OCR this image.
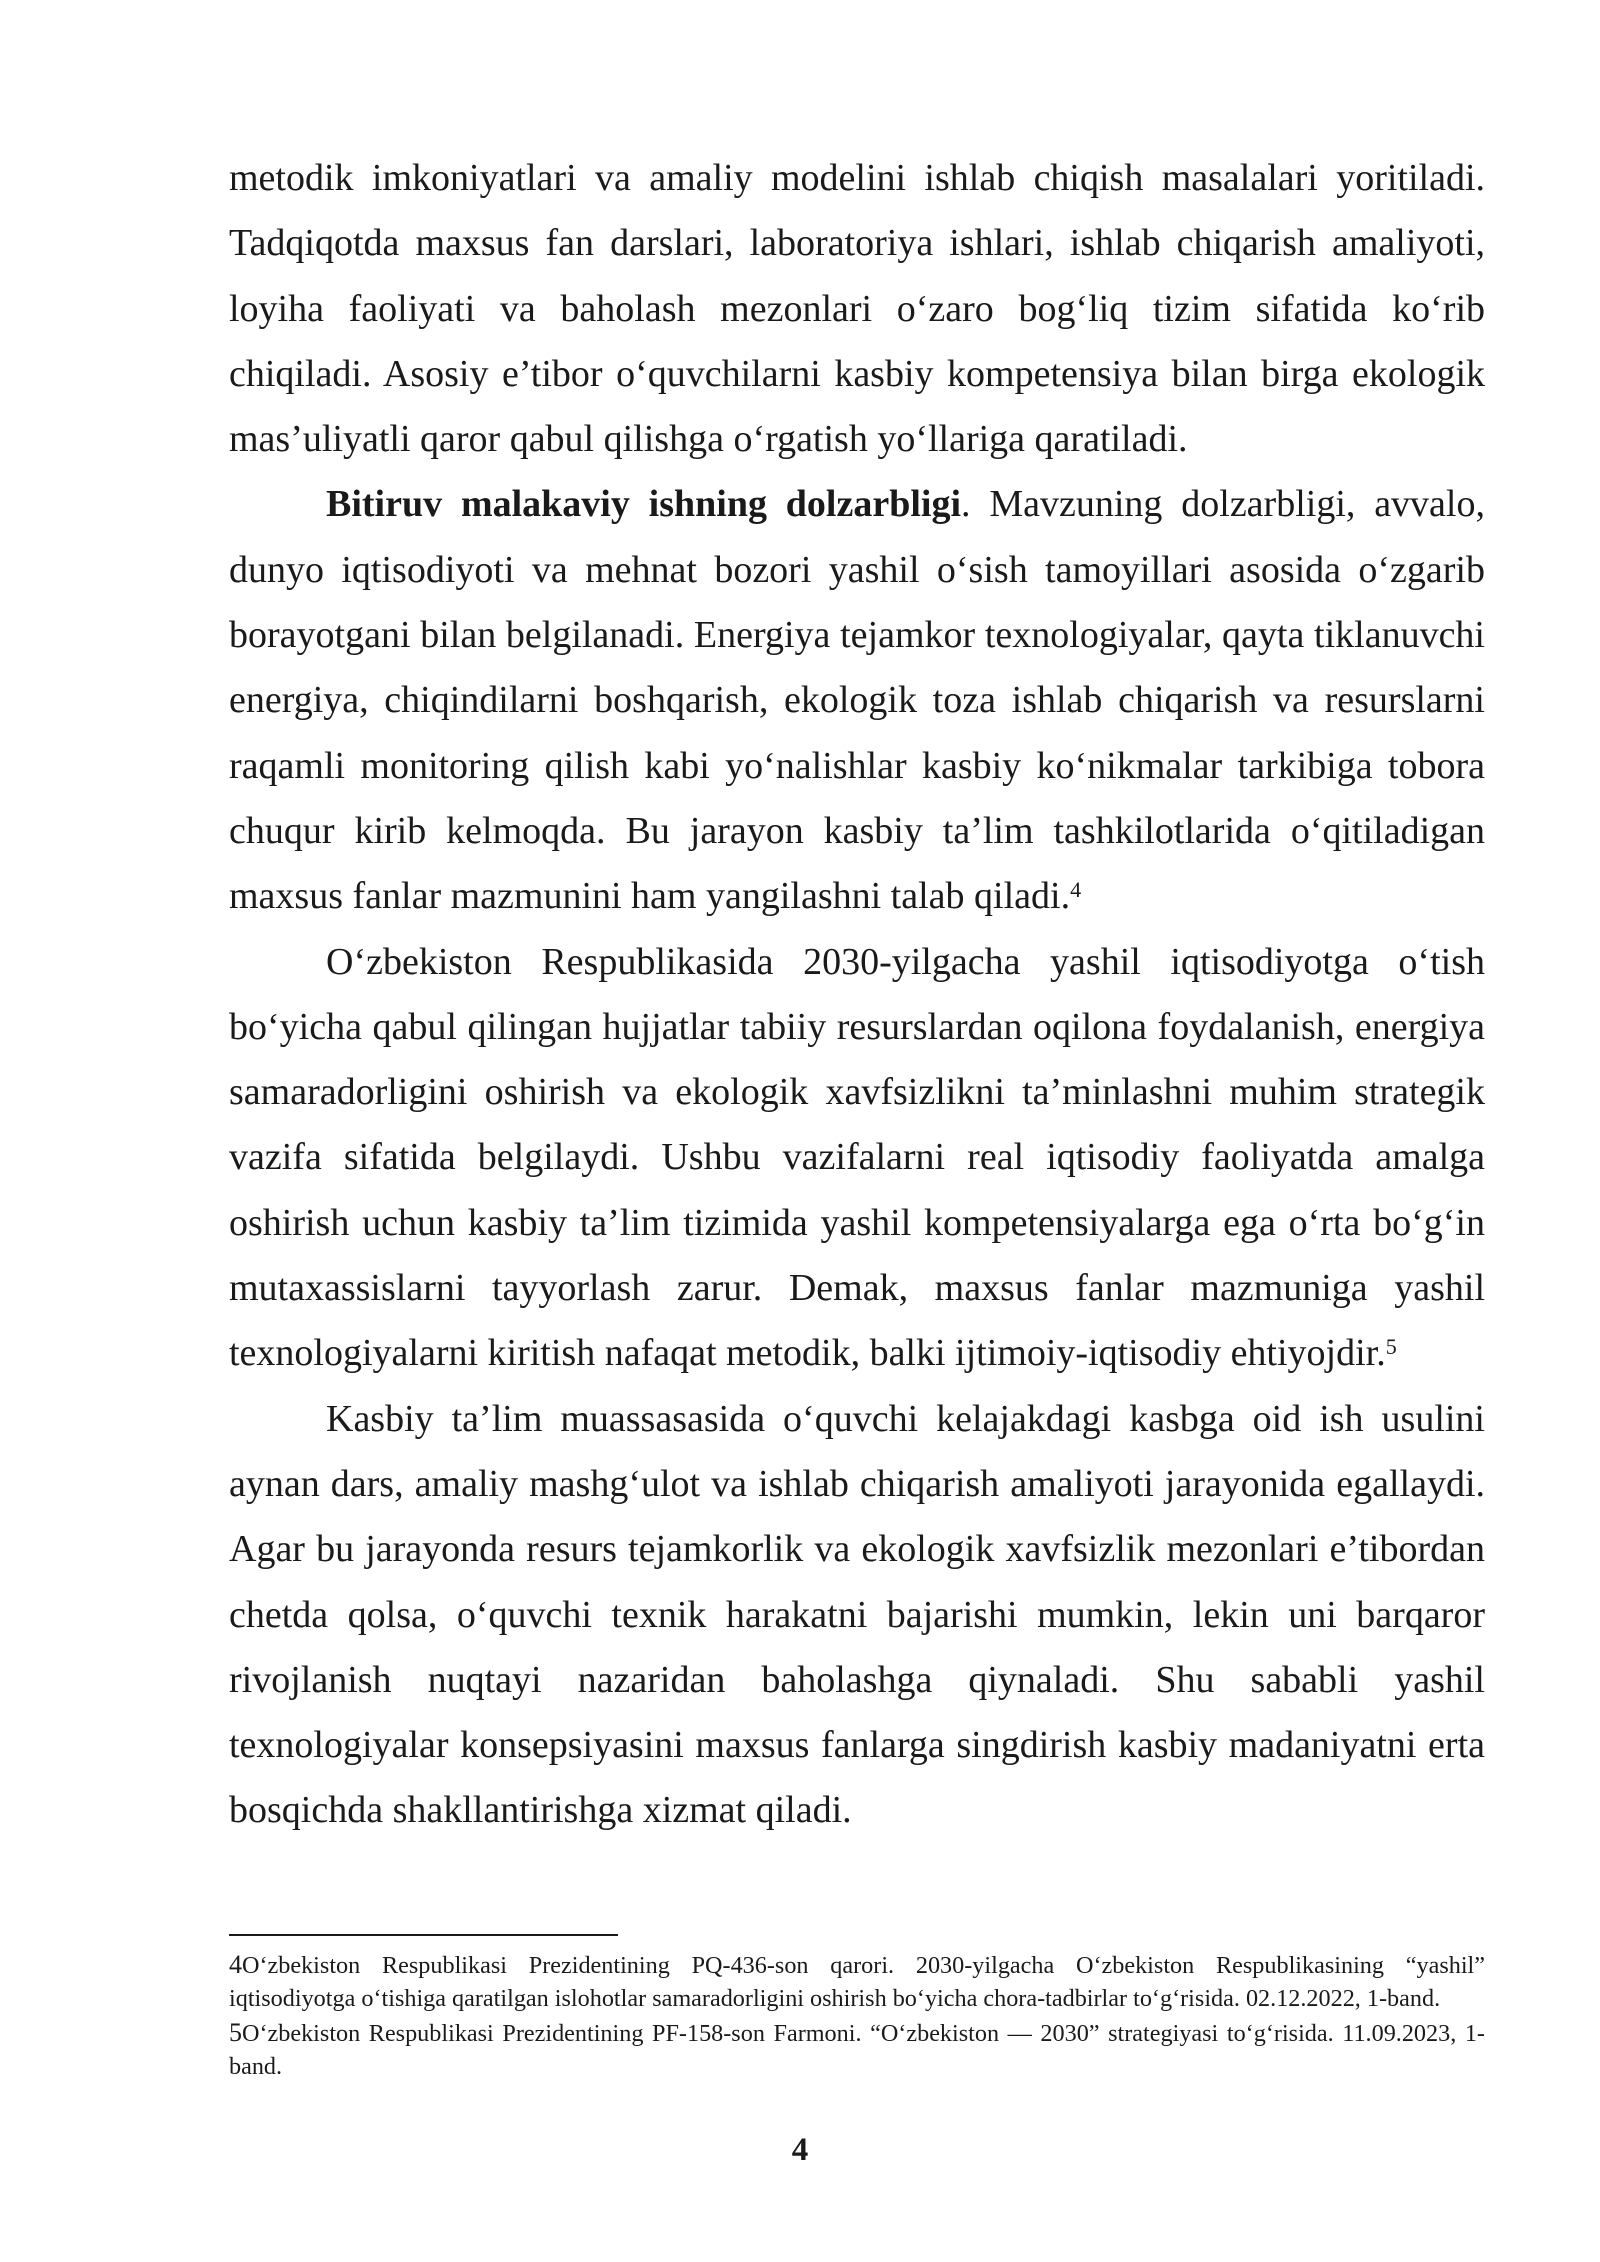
metodik imkoniyatlari va amaliy modelini ishlab chiqish masalalari yoritiladi. Tadqiqotda maxsus fan darslari, laboratoriya ishlari, ishlab chiqarish amaliyoti, loyiha faoliyati va baholash mezonlari o‘zaro bog‘liq tizim sifatida ko‘rib chiqiladi. Asosiy e’tibor o‘quvchilarni kasbiy kompetensiya bilan birga ekologik mas’uliyatli qaror qabul qilishga o‘rgatish yo‘llariga qaratiladi.

Bitiruv malakaviy ishning dolzarbligi. Mavzuning dolzarbligi, avvalo, dunyo iqtisodiyoti va mehnat bozori yashil o‘sish tamoyillari asosida o‘zgarib borayotgani bilan belgilanadi. Energiya tejamkor texnologiyalar, qayta tiklanuvchi energiya, chiqindilarni boshqarish, ekologik toza ishlab chiqarish va resurslarni raqamli monitoring qilish kabi yo‘nalishlar kasbiy ko‘nikmalar tarkibiga tobora chuqur kirib kelmoqda. Bu jarayon kasbiy ta’lim tashkilotlarida o‘qitiladigan maxsus fanlar mazmunini ham yangilashni talab qiladi.$^4$

O‘zbekiston Respublikasida 2030-yilgacha yashil iqtisodiyotga o‘tish bo‘yicha qabul qilingan hujjatlar tabiiy resurslardan oqilona foydalanish, energiya samaradorligini oshirish va ekologik xavfsizlikni ta’minlashni muhim strategik vazifa sifatida belgilaydi. Ushbu vazifalarni real iqtisodiy faoliyatda amalga oshirish uchun kasbiy ta’lim tizimida yashil kompetensiyalarga ega o‘rta bo‘g‘in mutaxassislarni tayyorlash zarur. Demak, maxsus fanlar mazmuniga yashil texnologiyalarni kiritish nafaqat metodik, balki ijtimoiy-iqtisodiy ehtiyojdir.$^5$

Kasbiy ta’lim muassasasida o‘quvchi kelajakdagi kasbga oid ish usulini aynan dars, amaliy mashg‘ulot va ishlab chiqarish amaliyoti jarayonida egallaydi. Agar bu jarayonda resurs tejamkorlik va ekologik xavfsizlik mezonlari e’tibordan chetda qolsa, o‘quvchi texnik harakatni bajarishi mumkin, lekin uni barqaror rivojlanish nuqtayi nazaridan baholashga qiynaladi. Shu sababli yashil texnologiyalar konsepsiyasini maxsus fanlarga singdirish kasbiy madaniyatni erta bosqichda shakllantirishga xizmat qiladi.

4O‘zbekiston Respublikasi Prezidentining PQ-436-son qarori. 2030-yilgacha O‘zbekiston Respublikasining “yashil” iqtisodiyotga o‘tishiga qaratilgan islohotlar samaradorligini oshirish bo‘yicha chora-tadbirlar to‘g‘risida. 02.12.2022, 1-band.

5O‘zbekiston Respublikasi Prezidentining PF-158-son Farmoni. “O‘zbekiston — 2030” strategiyasi to‘g‘risida. 11.09.2023, 1-band.

4
